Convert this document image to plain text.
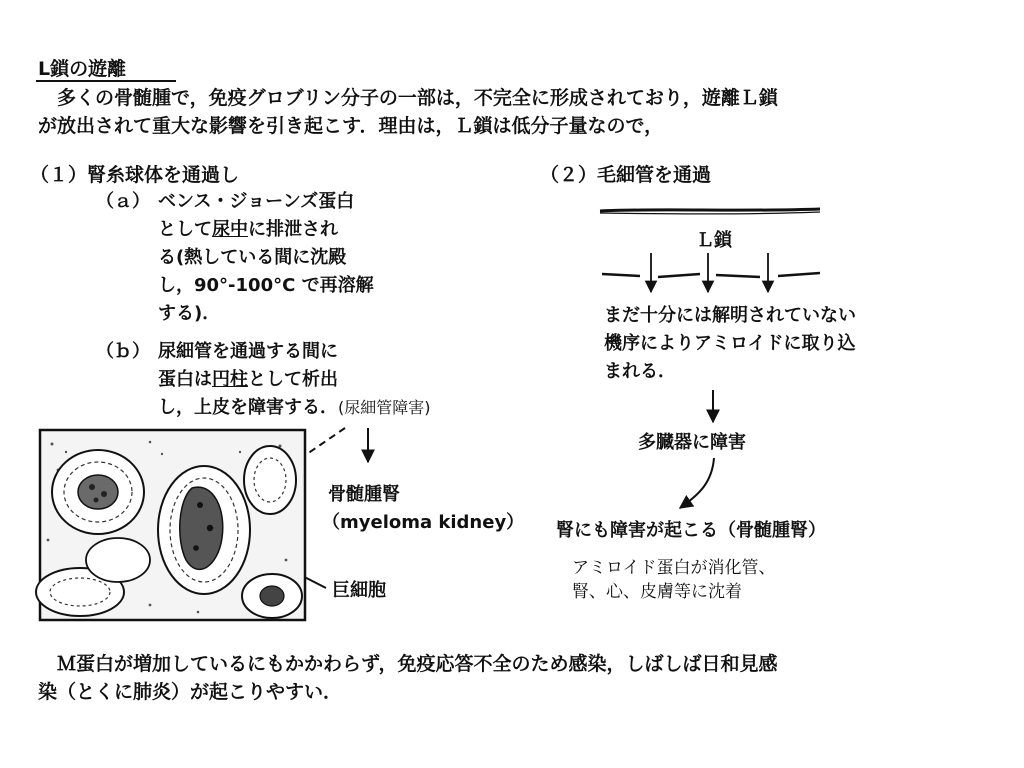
L鎖の遊離
多くの骨髄腫で，免疫グロブリン分子の一部は，不完全に形成されており，遊離Ｌ鎖
が放出されて重大な影響を引き起こす．理由は，Ｌ鎖は低分子量なので，
（１）腎糸球体を通過し
（ａ） ベンス・ジョーンズ蛋白
として尿中に排泄され
る(熱している間に沈殿
し，90°-100°C で再溶解
する)．
（ｂ） 尿細管を通過する間に
蛋白は円柱として析出
し，上皮を障害する．(尿細管障害)
（２）毛細管を通過
Ｌ鎖
まだ十分には解明されていない
機序によりアミロイドに取り込
まれる．
多臓器に障害
腎にも障害が起こる（骨髄腫腎）
アミロイド蛋白が消化管、
腎、心、皮膚等に沈着
骨髄腫腎
（myeloma kidney）
巨細胞
Ｍ蛋白が増加しているにもかかわらず，免疫応答不全のため感染，しばしば日和見感
染（とくに肺炎）が起こりやすい．
